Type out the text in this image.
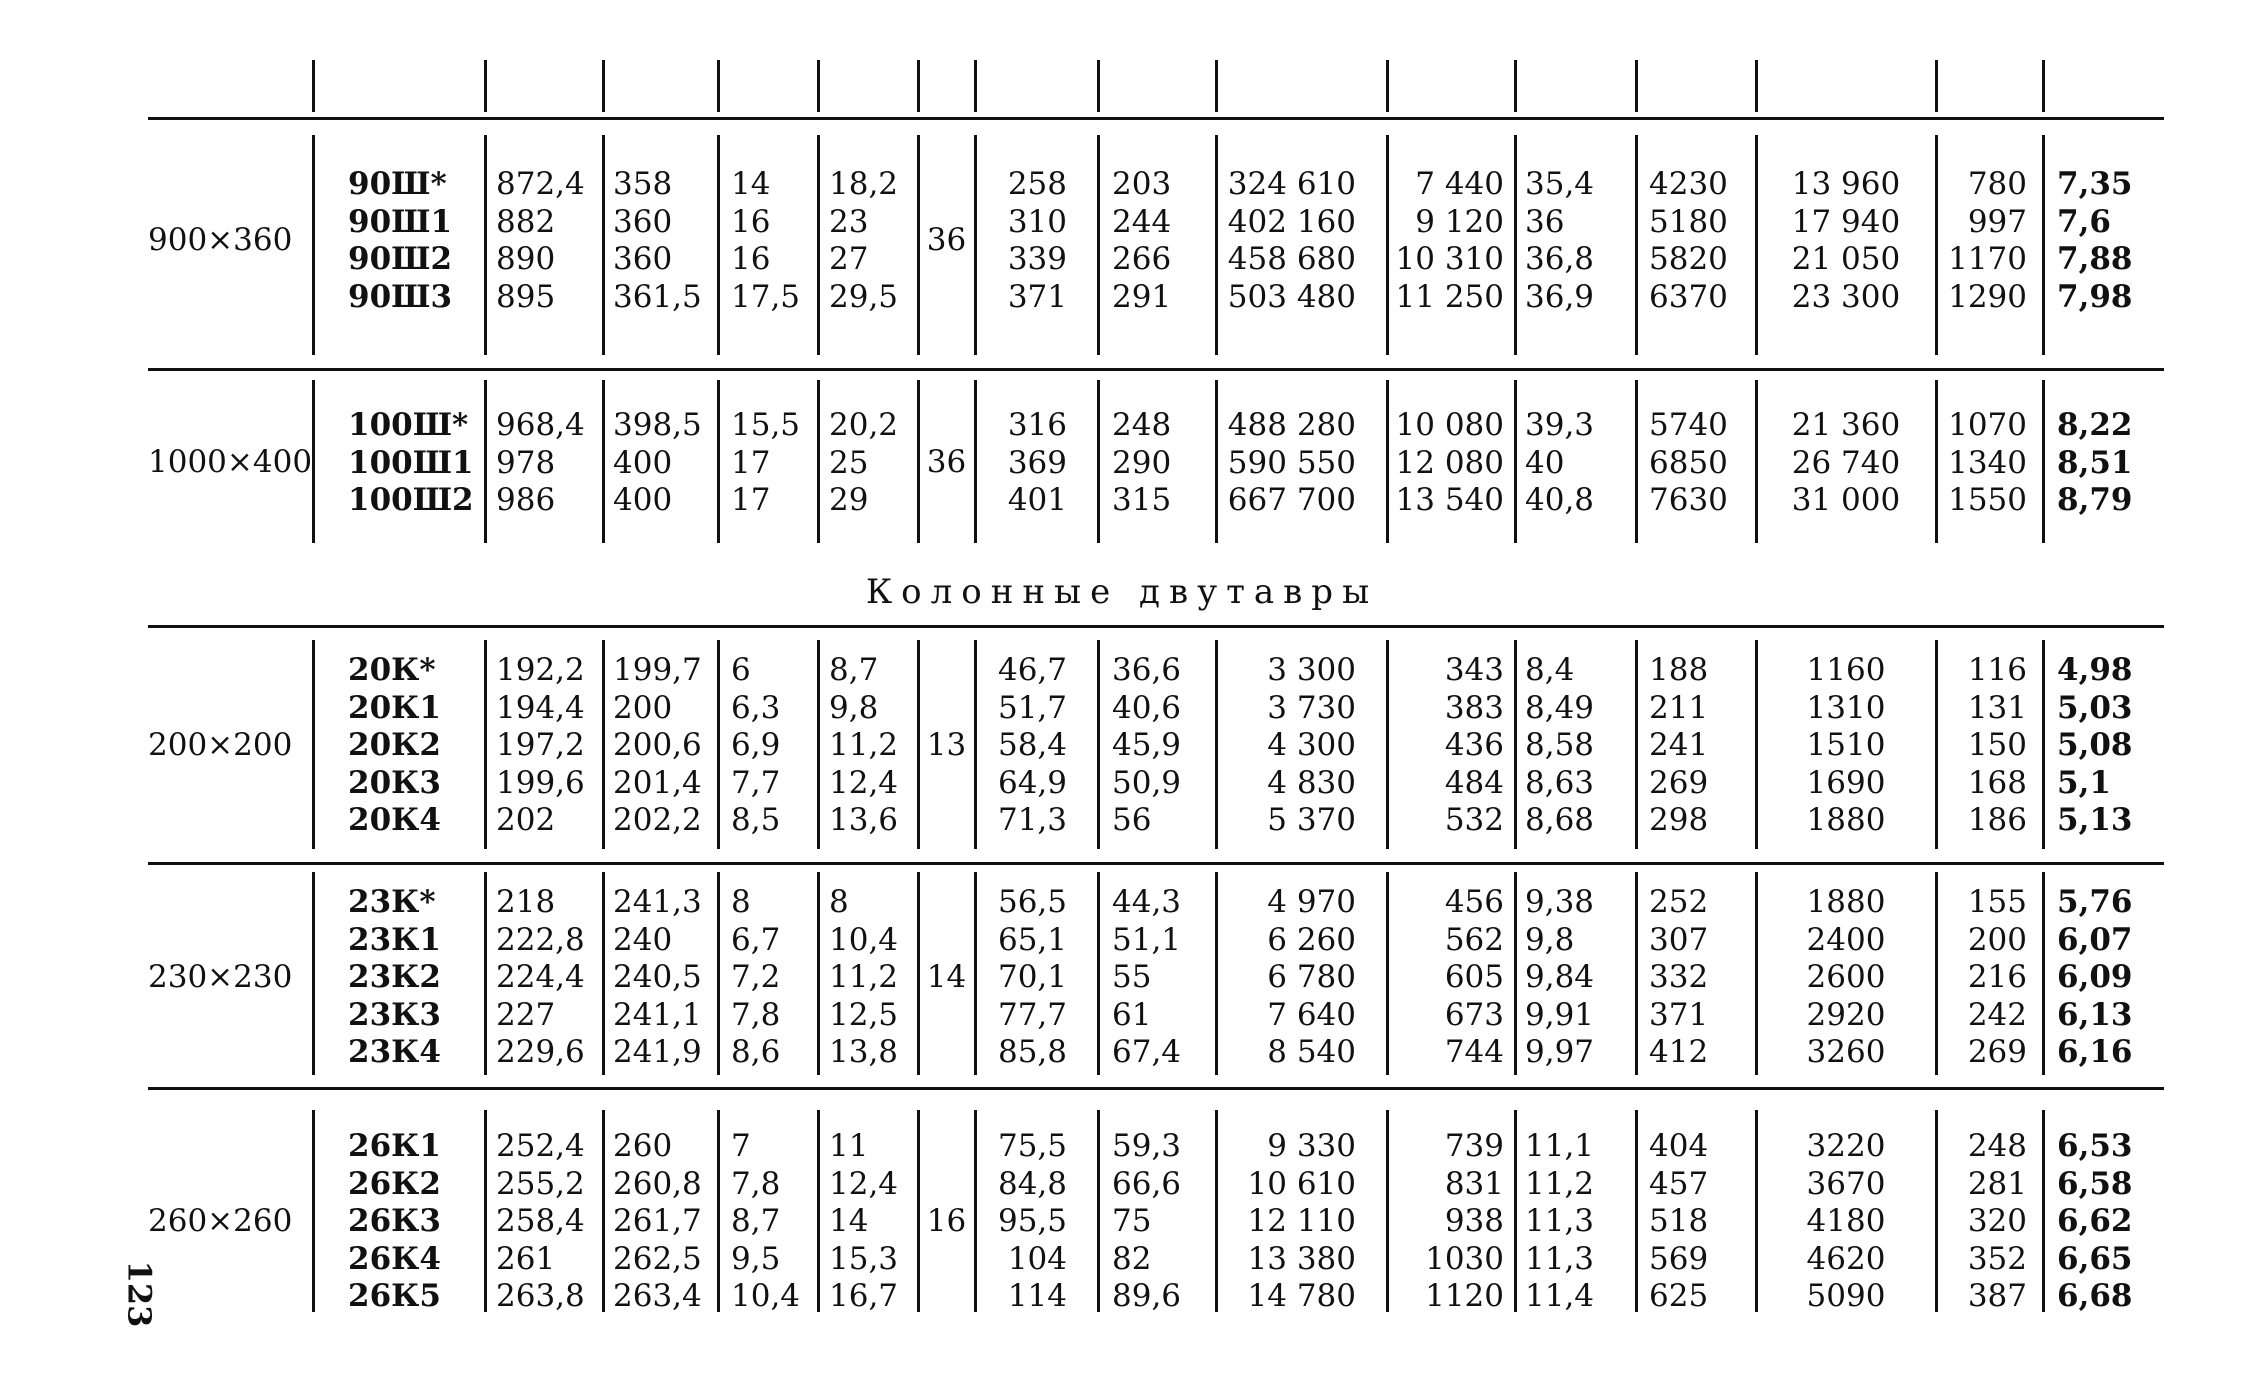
123
Колонные двутавры
900×360
90Ш*
90Ш1
90Ш2
90Ш3
872,4
882
890
895
358
360
360
361,5
14
16
16
17,5
18,2
23
27
29,5
258
310
339
371
203
244
266
291
324 610
402 160
458 680
503 480
7 440
9 120
10 310
11 250
35,4
36
36,8
36,9
4230
5180
5820
6370
13 960
17 940
21 050
23 300
780
997
1170
1290
7,35
7,6
7,88
7,98
36
1000×400
100Ш*
100Ш1
100Ш2
968,4
978
986
398,5
400
400
15,5
17
17
20,2
25
29
316
369
401
248
290
315
488 280
590 550
667 700
10 080
12 080
13 540
39,3
40
40,8
5740
6850
7630
21 360
26 740
31 000
1070
1340
1550
8,22
8,51
8,79
36
200×200
20К*
20К1
20К2
20К3
20К4
192,2
194,4
197,2
199,6
202
199,7
200
200,6
201,4
202,2
6
6,3
6,9
7,7
8,5
8,7
9,8
11,2
12,4
13,6
46,7
51,7
58,4
64,9
71,3
36,6
40,6
45,9
50,9
56
3 300
3 730
4 300
4 830
5 370
343
383
436
484
532
8,4
8,49
8,58
8,63
8,68
188
211
241
269
298
1160
1310
1510
1690
1880
116
131
150
168
186
4,98
5,03
5,08
5,1
5,13
13
230×230
23К*
23К1
23К2
23К3
23К4
218
222,8
224,4
227
229,6
241,3
240
240,5
241,1
241,9
8
6,7
7,2
7,8
8,6
8
10,4
11,2
12,5
13,8
56,5
65,1
70,1
77,7
85,8
44,3
51,1
55
61
67,4
4 970
6 260
6 780
7 640
8 540
456
562
605
673
744
9,38
9,8
9,84
9,91
9,97
252
307
332
371
412
1880
2400
2600
2920
3260
155
200
216
242
269
5,76
6,07
6,09
6,13
6,16
14
260×260
26К1
26К2
26К3
26К4
26К5
252,4
255,2
258,4
261
263,8
260
260,8
261,7
262,5
263,4
7
7,8
8,7
9,5
10,4
11
12,4
14
15,3
16,7
75,5
84,8
95,5
104
114
59,3
66,6
75
82
89,6
9 330
10 610
12 110
13 380
14 780
739
831
938
1030
1120
11,1
11,2
11,3
11,3
11,4
404
457
518
569
625
3220
3670
4180
4620
5090
248
281
320
352
387
6,53
6,58
6,62
6,65
6,68
16
